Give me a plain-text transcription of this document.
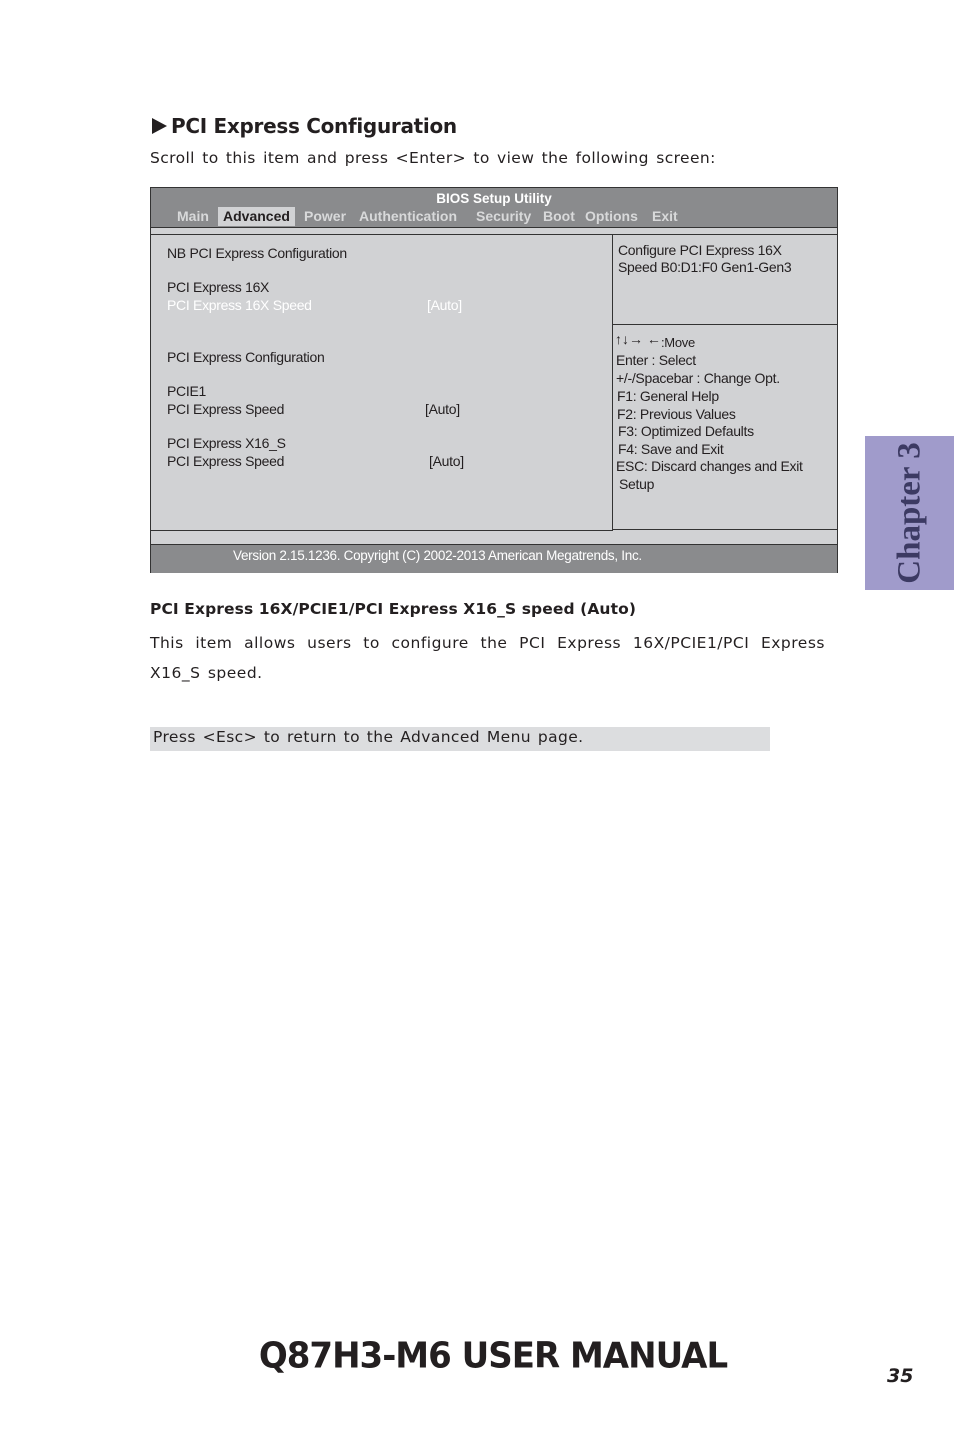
PCI Express Configuration
Scroll to this item and press <Enter> to view the following screen:
BIOS Setup Utility
Main	Advanced	Power Authentication Security Boot Options Exit
NB PCI Express Configuration
PCI Express 16X
PCI Express 16X Speed	[Auto]
PCI Express Configuration
PCIE1
PCI Express Speed	[Auto]
PCI Express X16_S
PCI Express Speed	[Auto]
Configure PCI Express 16X
Speed B0:D1:F0 Gen1-Gen3
↑↓→ ← :Move
Enter : Select
+/-/Spacebar : Change Opt.
F1: General Help
F2: Previous Values
F3: Optimized Defaults
F4: Save and Exit
ESC: Discard changes and Exit
Setup
Version 2.15.1236. Copyright (C) 2002-2013 American Megatrends, Inc.
PCI Express 16X/PCIE1/PCI Express X16_S speed (Auto)
This item allows users to configure the PCI Express 16X/PCIE1/PCI Express X16_S speed.
Press <Esc> to return to the Advanced Menu page.
Chapter 3
Q87H3-M6 USER MANUAL	35
